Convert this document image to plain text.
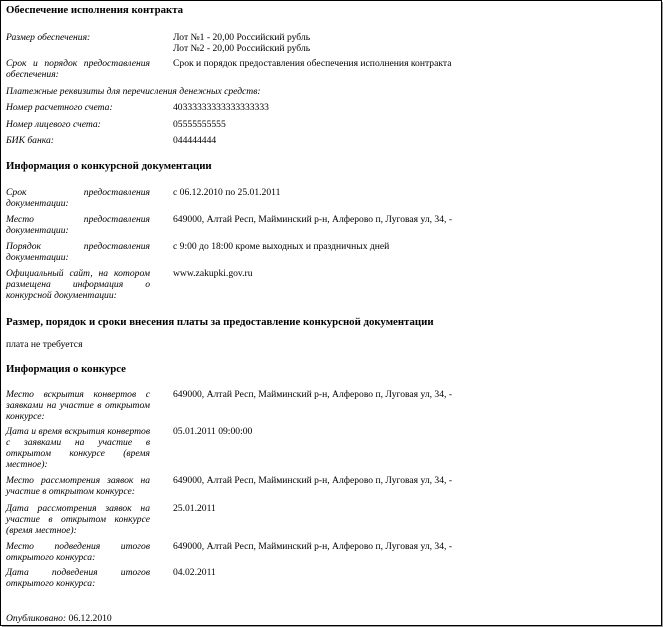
Обеспечение исполнения контракта
Размер обеспечения:	Лот №1 - 20,00 Российский рубль
Лот №2 - 20,00 Российский рубль
Срок и порядок предоставления обеспечения:
Срок и порядок предоставления обеспечения исполнения контракта
Платежные реквизиты для перечисления денежных средств:
Номер расчетного счета:	40333333333333333333
Номер лицевого счета:	05555555555
БИК банка:	044444444
Информация о конкурсной документации
Срок предоставления документации:
с 06.12.2010 по 25.01.2011
Место предоставления документации:
649000, Алтай Респ, Майминский р-н, Алферово п, Луговая ул, 34, -
Порядок предоставления документации:
с 9:00 до 18:00 кроме выходных и праздничных дней
Официальный сайт, на котором размещена информация о конкурсной документации:
www.zakupki.gov.ru
Размер, порядок и сроки внесения платы за предоставление конкурсной документации
плата не требуется
Информация о конкурсе
Место вскрытия конвертов с заявками на участие в открытом конкурсе:
649000, Алтай Респ, Майминский р-н, Алферово п, Луговая ул, 34, -
Дата и время вскрытия конвертов с заявками на участие в открытом конкурсе (время местное):
05.01.2011 09:00:00
Место рассмотрения заявок на участие в открытом конкурсе:
649000, Алтай Респ, Майминский р-н, Алферово п, Луговая ул, 34, -
Дата рассмотрения заявок на участие в открытом конкурсе (время местное):
25.01.2011
Место подведения итогов открытого конкурса:
649000, Алтай Респ, Майминский р-н, Алферово п, Луговая ул, 34, -
Дата подведения итогов открытого конкурса:
04.02.2011
Опубликовано: 06.12.2010
